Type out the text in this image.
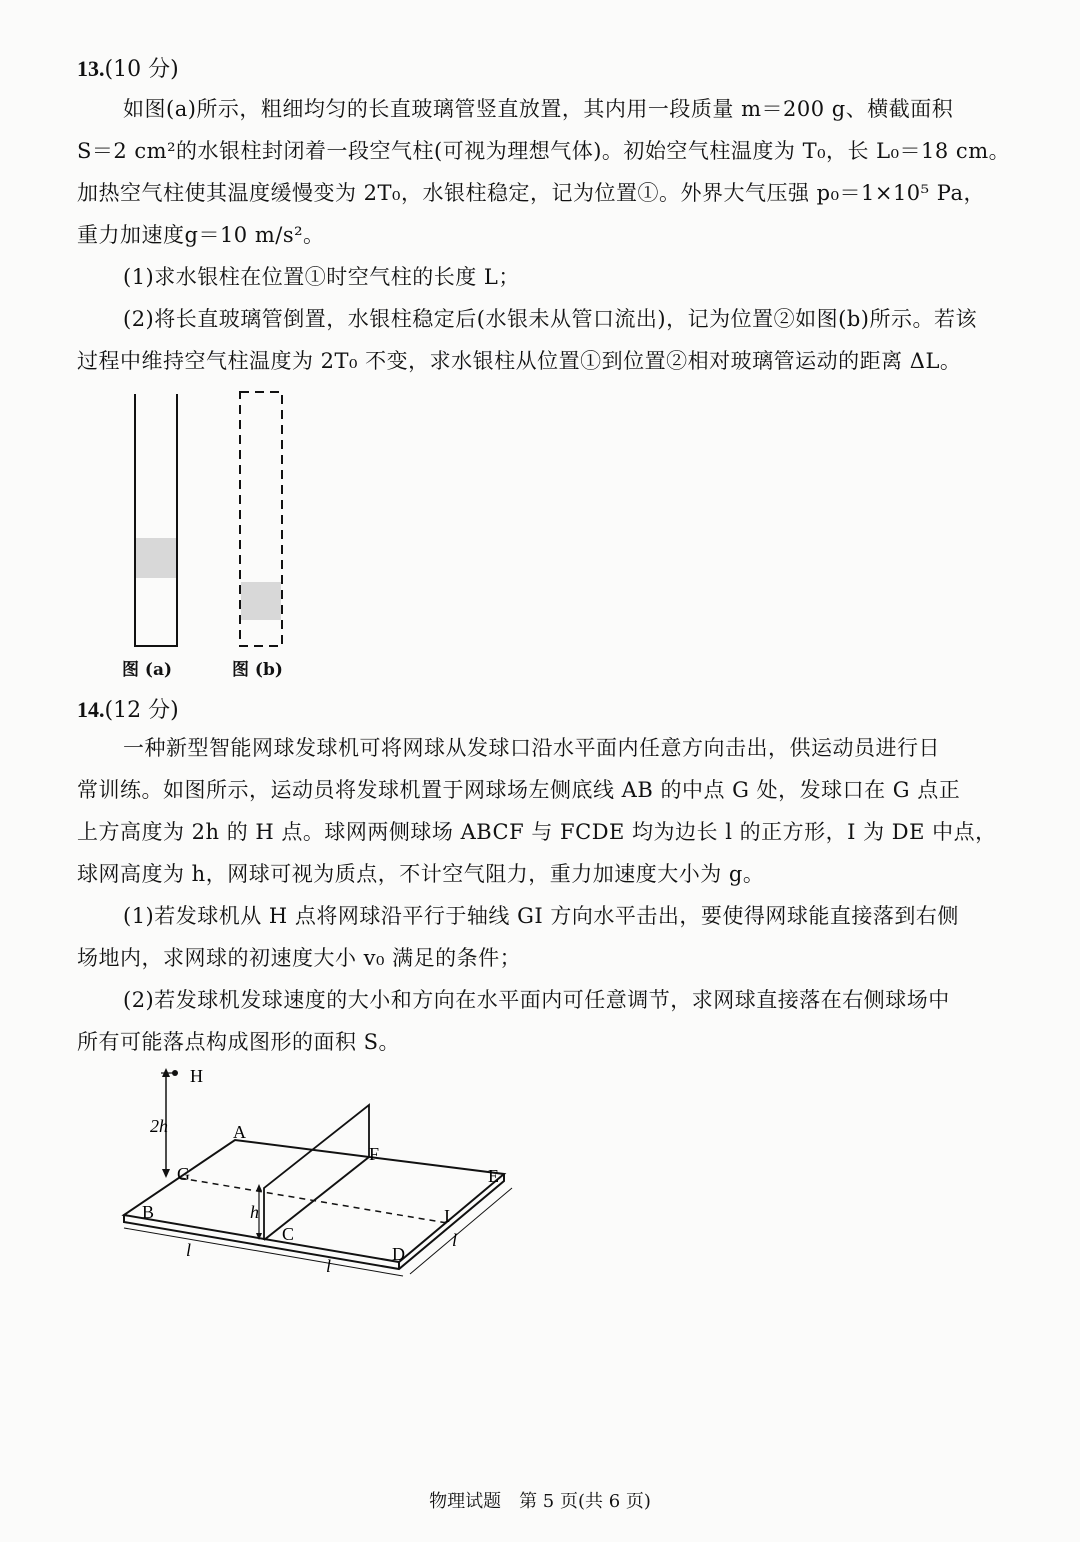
13.(10 分)

如图(a)所示，粗细均匀的长直玻璃管竖直放置，其内用一段质量 m＝200 g、横截面积

S＝2 cm²的水银柱封闭着一段空气柱(可视为理想气体)。初始空气柱温度为 T₀，长 L₀＝18 cm。

加热空气柱使其温度缓慢变为 2T₀，水银柱稳定，记为位置①。外界大气压强 p₀＝1×10⁵ Pa，

重力加速度g＝10 m/s²。

(1)求水银柱在位置①时空气柱的长度 L；

(2)将长直玻璃管倒置，水银柱稳定后(水银未从管口流出)，记为位置②如图(b)所示。若该

过程中维持空气柱温度为 2T₀ 不变，求水银柱从位置①到位置②相对玻璃管运动的距离 ΔL。

图 (a)	图 (b)
14.(12 分)

一种新型智能网球发球机可将网球从发球口沿水平面内任意方向击出，供运动员进行日

常训练。如图所示，运动员将发球机置于网球场左侧底线 AB 的中点 G 处，发球口在 G 点正

上方高度为 2h 的 H 点。球网两侧球场 ABCF 与 FCDE 均为边长 l 的正方形，I 为 DE 中点，

球网高度为 h，网球可视为质点，不计空气阻力，重力加速度大小为 g。

(1)若发球机从 H 点将网球沿平行于轴线 GI 方向水平击出，要使得网球能直接落到右侧

场地内，求网球的初速度大小 v₀ 满足的条件；

(2)若发球机发球速度的大小和方向在水平面内可任意调节，求网球直接落在右侧球场中

所有可能落点构成图形的面积 S。

H
A
F
E
G
B
C
D
I
2h
h
l
l
l
物理试题　第 5 页(共 6 页)
